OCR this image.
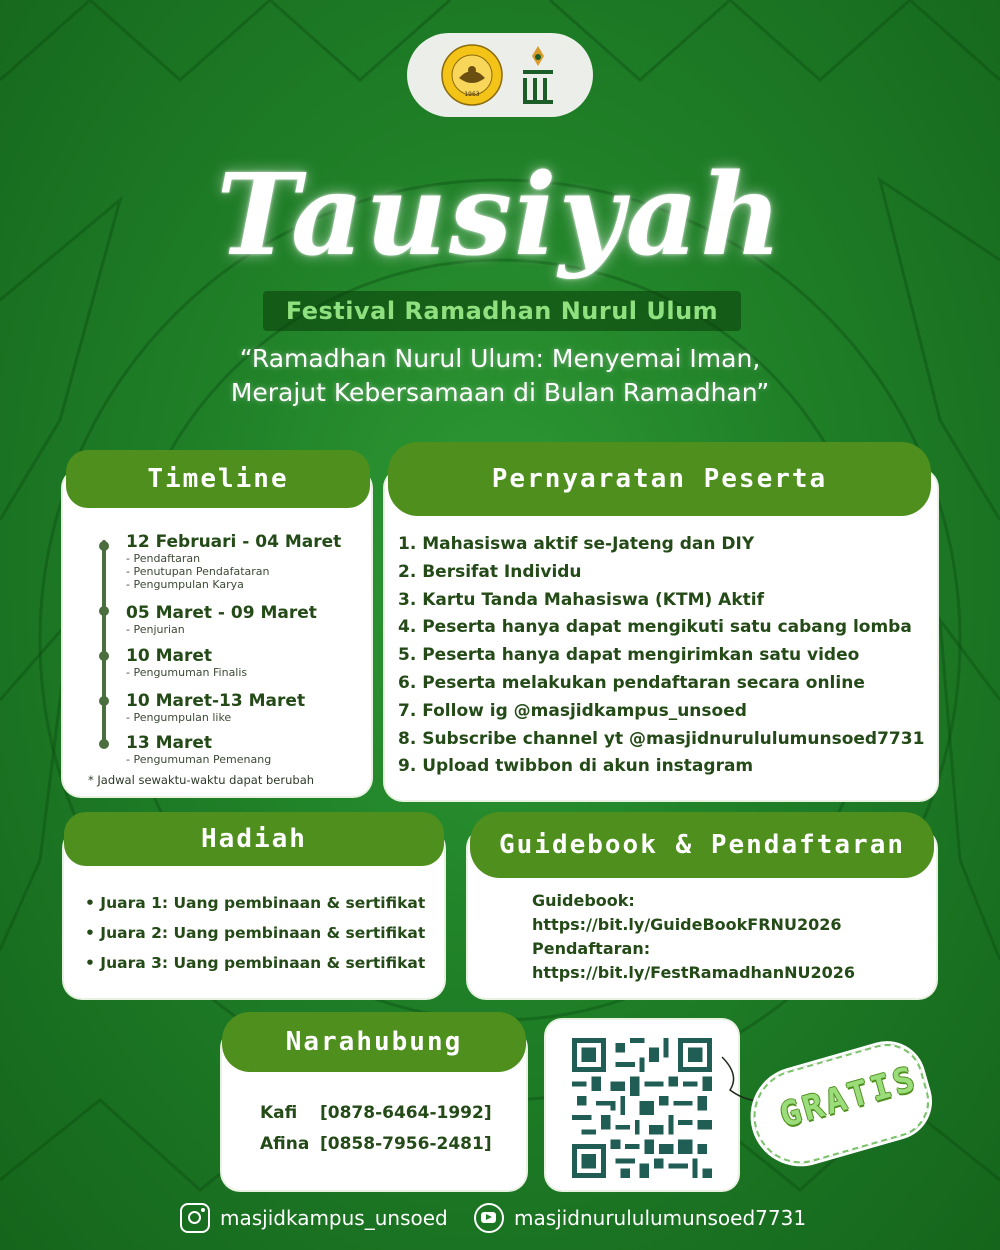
1963
Tausiyah
Festival Ramadhan Nurul Ulum
“Ramadhan Nurul Ulum: Menyemai Iman,
Merajut Kebersamaan di Bulan Ramadhan”
Timeline
12 Februari - 04 Maret
- Pendaftaran
- Penutupan Pendafataran
- Pengumpulan Karya
05 Maret - 09 Maret
- Penjurian
10 Maret
- Pengumuman Finalis
10 Maret-13 Maret
- Pengumpulan like
13 Maret
- Pengumuman Pemenang
* Jadwal sewaktu-waktu dapat berubah
Pernyaratan Peserta
1. Mahasiswa aktif se-Jateng dan DIY
2. Bersifat Individu
3. Kartu Tanda Mahasiswa (KTM) Aktif
4. Peserta hanya dapat mengikuti satu cabang lomba
5. Peserta hanya dapat mengirimkan satu video
6. Peserta melakukan pendaftaran secara online
7. Follow ig @masjidkampus_unsoed
8. Subscribe channel yt @masjidnurululumunsoed7731
9. Upload twibbon di akun instagram
Hadiah
• Juara 1: Uang pembinaan & sertifikat
• Juara 2: Uang pembinaan & sertifikat
• Juara 3: Uang pembinaan & sertifikat
Guidebook & Pendaftaran
Guidebook:
https://bit.ly/GuideBookFRNU2026
Pendaftaran:
https://bit.ly/FestRamadhanNU2026
Narahubung
Kafi [0878-6464-1992]
Afina [0858-7956-2481]
GRATIS
masjidkampus_unsoed	masjidnurululumunsoed7731
